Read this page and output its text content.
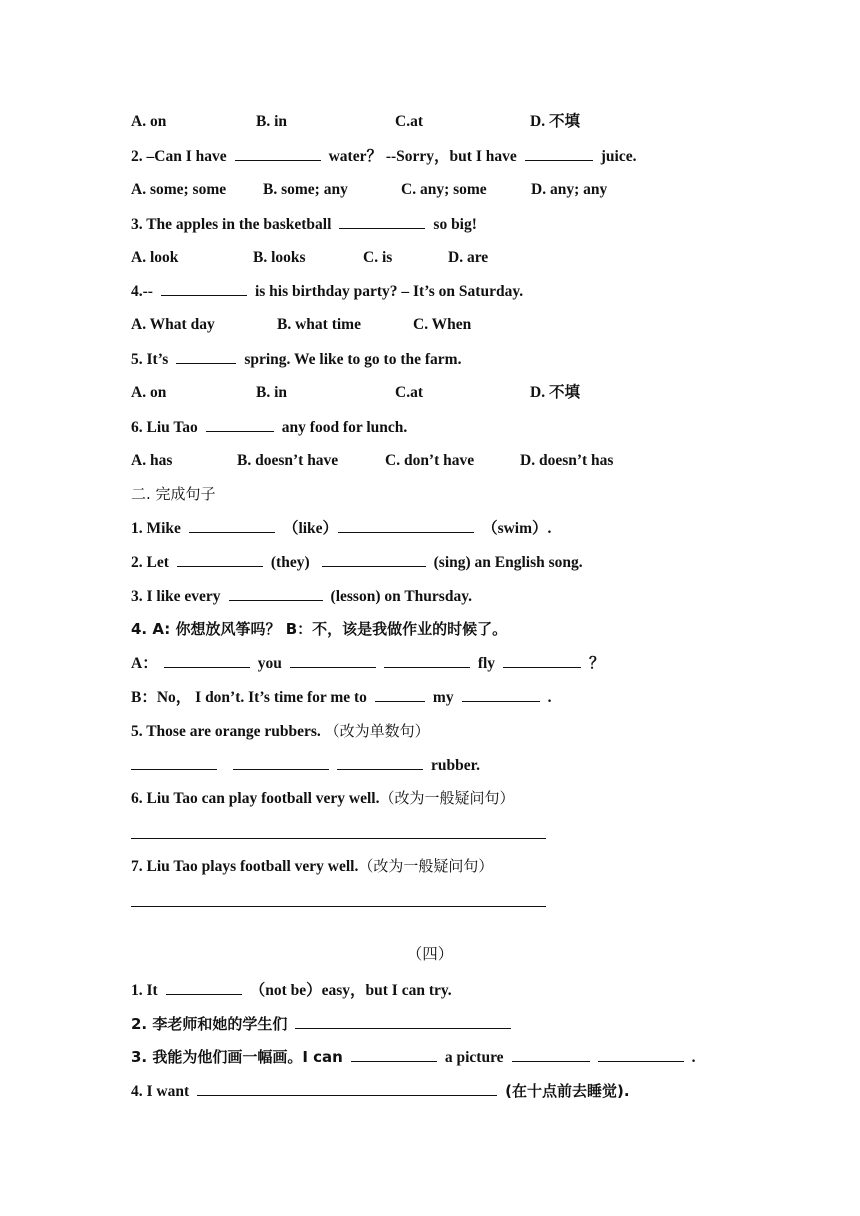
A. on	B. in	C.at	D. 不填
2. –Can I have	water？ --Sorry，but I have	juice.
A. some; some B. some; any	C. any; some	D. any; any
3. The apples in the basketball	so big!
A. look	B. looks	C. is	D. are
4.--	is his birthday party? – It’s on Saturday.
A. What day	B. what time	C. When
5. It’s	spring. We like to go to the farm.
A. on	B. in	C.at	D. 不填
6. Liu Tao	any food for lunch.
A. has	B. doesn’t have	C. don’t have	D. doesn’t has
二. 完成句子
1. Mike	（like）	（swim）.
2. Let	(they)	(sing) an English song.
3. I like every	(lesson) on Thursday.
4. A: 你想放风筝吗？ B：不，该是我做作业的时候了。
A：	you	fly	？
B：No， I don’t. It’s time for me to	my	.
5. Those are orange rubbers. （改为单数句）
rubber.
6. Liu Tao can play football very well.（改为一般疑问句）
7. Liu Tao plays football very well.（改为一般疑问句）
（四）
1. It	（not be）easy，but I can try.
2. 李老师和她的学生们
3. 我能为他们画一幅画。I can	a picture	.
4. I want	(在十点前去睡觉).
